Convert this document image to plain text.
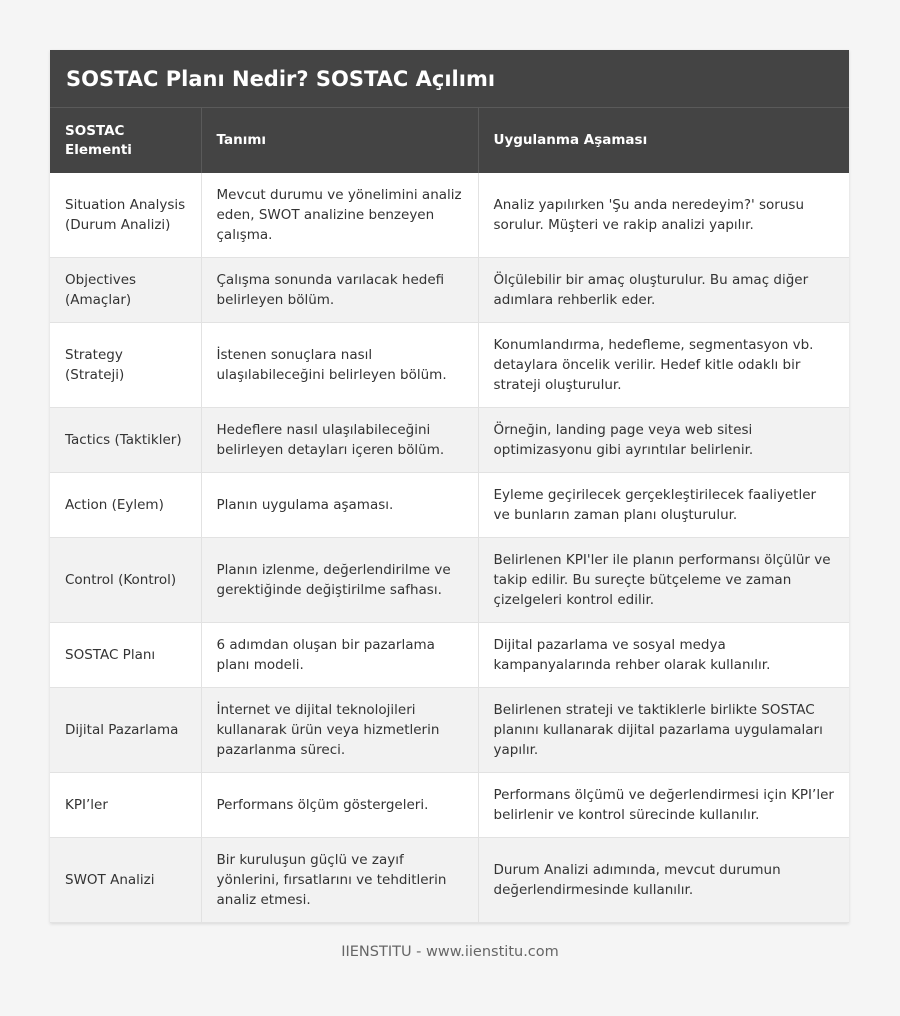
SOSTAC Planı Nedir? SOSTAC Açılımı
SOSTAC Elementi	Tanımı	Uygulanma Aşaması
Situation Analysis (Durum Analizi)	Mevcut durumu ve yönelimini analiz eden, SWOT analizine benzeyen çalışma.	Analiz yapılırken 'Şu anda neredeyim?' sorusu sorulur. Müşteri ve rakip analizi yapılır.
Objectives (Amaçlar)	Çalışma sonunda varılacak hedefi belirleyen bölüm.	Ölçülebilir bir amaç oluşturulur. Bu amaç diğer adımlara rehberlik eder.
Strategy (Strateji)	İstenen sonuçlara nasıl ulaşılabileceğini belirleyen bölüm.	Konumlandırma, hedefleme, segmentasyon vb. detaylara öncelik verilir. Hedef kitle odaklı bir strateji oluşturulur.
Tactics (Taktikler)	Hedeflere nasıl ulaşılabileceğini belirleyen detayları içeren bölüm.	Örneğin, landing page veya web sitesi optimizasyonu gibi ayrıntılar belirlenir.
Action (Eylem)	Planın uygulama aşaması.	Eyleme geçirilecek gerçekleştirilecek faaliyetler ve bunların zaman planı oluşturulur.
Control (Kontrol)	Planın izlenme, değerlendirilme ve gerektiğinde değiştirilme safhası.	Belirlenen KPI'ler ile planın performansı ölçülür ve takip edilir. Bu surеçte bütçeleme ve zaman çizelgeleri kontrol edilir.
SOSTAC Planı	6 adımdan oluşan bir pazarlama planı modeli.	Dijital pazarlama ve sosyal medya kampanyalarında rehber olarak kullanılır.
Dijital Pazarlama	İnternet ve dijital teknolojileri kullanarak ürün veya hizmetlerin pazarlanma süreci.	Belirlenen strateji ve taktiklerle birlikte SOSTAC planını kullanarak dijital pazarlama uygulamaları yapılır.
KPI’ler	Performans ölçüm göstergeleri.	Performans ölçümü ve değerlendirmesi için KPI’ler belirlenir ve kontrol sürecinde kullanılır.
SWOT Analizi	Bir kuruluşun güçlü ve zayıf yönlerini, fırsatlarını ve tehditlerin analiz etmesi.	Durum Analizi adımında, mevcut durumun değerlendirmesinde kullanılır.
IIENSTITU - www.iienstitu.com
